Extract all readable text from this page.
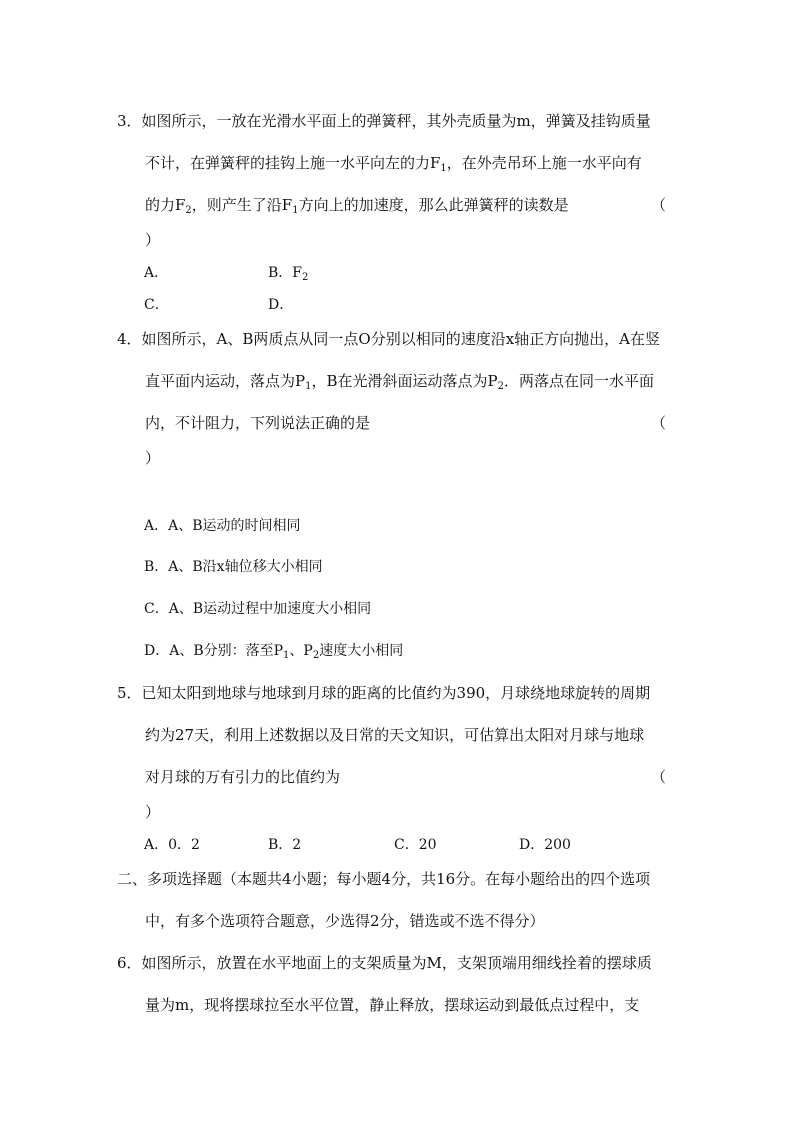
3．如图所示，一放在光滑水平面上的弹簧秤，其外壳质量为m，弹簧及挂钩质量
不计，在弹簧秤的挂钩上施一水平向左的力$F_1$，在外壳吊环上施一水平向有
的力$F_2$，则产生了沿$F_1$方向上的加速度，那么此弹簧秤的读数是	（
）
A．	B．$F_2$
C．	D．
4．如图所示，A、B两质点从同一点O分别以相同的速度沿x轴正方向抛出，A在竖
直平面内运动，落点为$P_1$，B在光滑斜面运动落点为$P_2$．两落点在同一水平面
内，不计阻力，下列说法正确的是	（
）
A．A、B运动的时间相同
B．A、B沿x轴位移大小相同
C．A、B运动过程中加速度大小相同
D．A、B分别：落至$P_1$、$P_2$速度大小相同
5．已知太阳到地球与地球到月球的距离的比值约为390，月球绕地球旋转的周期
约为27天，利用上述数据以及日常的天文知识，可估算出太阳对月球与地球
对月球的万有引力的比值约为	（
）
A．0．2	B．2	C．20	D．200
二、多项选择题（本题共4小题；每小题4分，共16分。在每小题给出的四个选项
中，有多个选项符合题意，少选得2分，错选或不选不得分）
6．如图所示，放置在水平地面上的支架质量为M，支架顶端用细线拴着的摆球质
量为m，现将摆球拉至水平位置，静止释放，摆球运动到最低点过程中，支
